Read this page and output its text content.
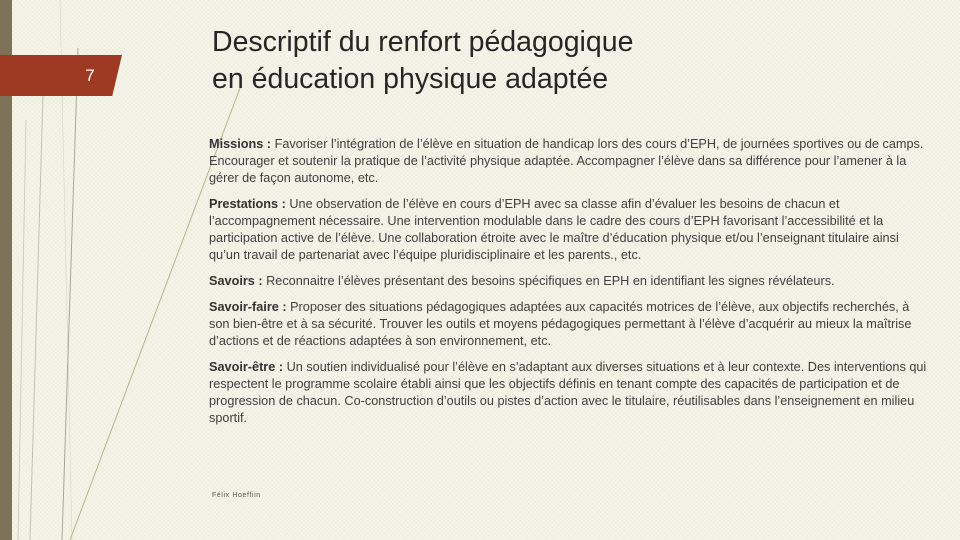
7
Descriptif du renfort pédagogique
en éducation physique adaptée

Missions : Favoriser l’intégration de l’élève en situation de handicap lors des cours d’EPH, de journées sportives ou de camps. Encourager et soutenir la pratique de l’activité physique adaptée. Accompagner l’élève dans sa différence pour l’amener à la gérer de façon autonome, etc.

Prestations : Une observation de l’élève en cours d’EPH avec sa classe afin d’évaluer les besoins de chacun et l’accompagnement nécessaire. Une intervention modulable dans le cadre des cours d’EPH favorisant l’accessibilité et la participation active de l’élève. Une collaboration étroite avec le maître d’éducation physique et/ou l’enseignant titulaire ainsi qu’un travail de partenariat avec l’équipe pluridisciplinaire et les parents., etc.

Savoirs : Reconnaitre l’élèves présentant des besoins spécifiques en EPH en identifiant les signes révélateurs.

Savoir-faire : Proposer des situations pédagogiques adaptées aux capacités motrices de l’élève, aux objectifs recherchés, à son bien-être et à sa sécurité. Trouver les outils et moyens pédagogiques permettant à l’élève d’acquérir au mieux la maîtrise d’actions et de réactions adaptées à son environnement, etc.

Savoir-être : Un soutien individualisé pour l’élève en s’adaptant aux diverses situations et à leur contexte. Des interventions qui respectent le programme scolaire établi ainsi que les objectifs définis en tenant compte des capacités de participation et de progression de chacun. Co-construction d’outils ou pistes d’action avec le titulaire, réutilisables dans l’enseignement en milieu sportif.

Félix Hoeffiin
